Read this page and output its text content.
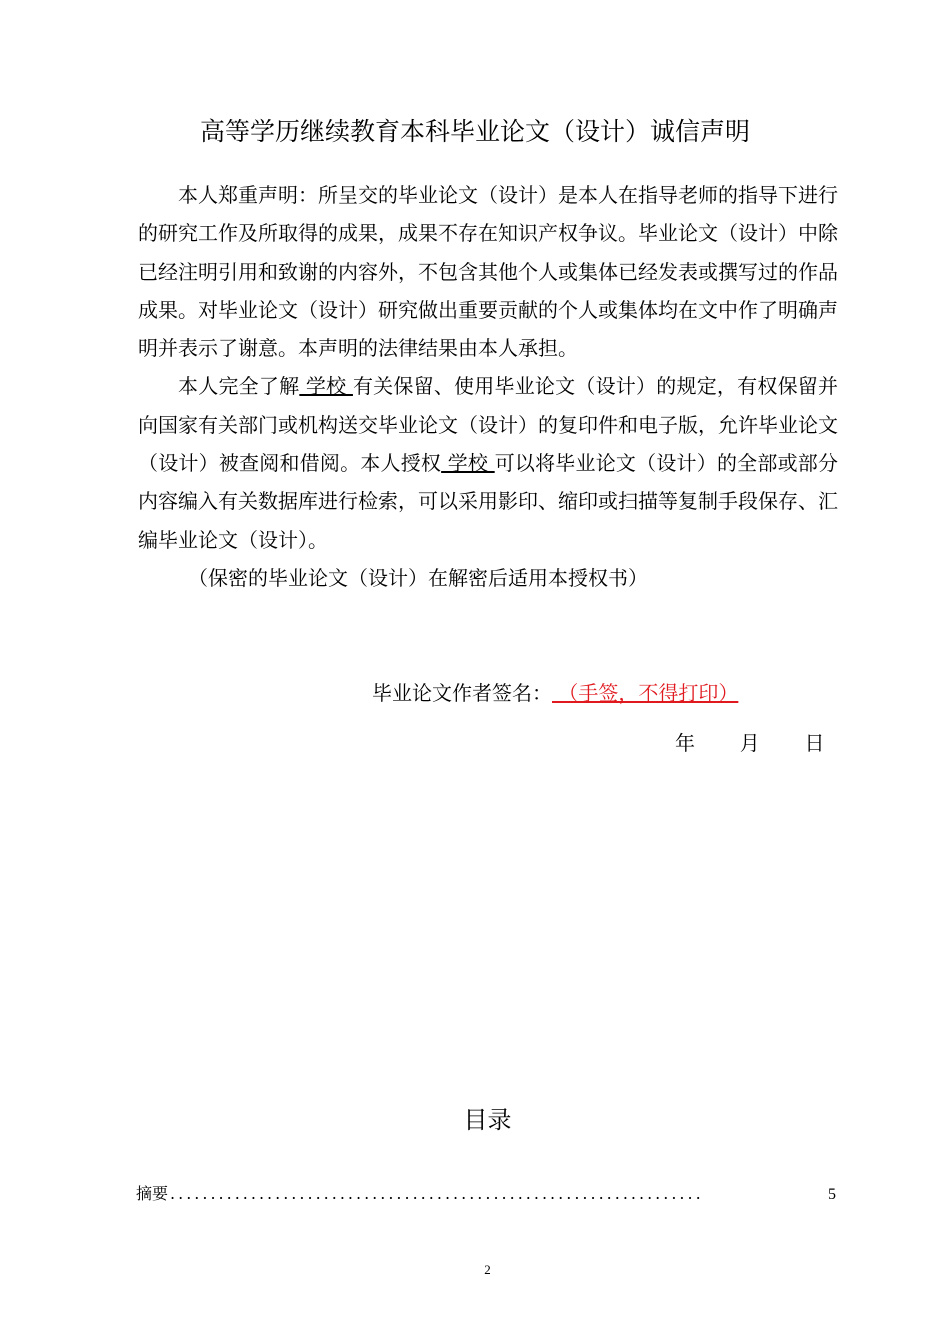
高等学历继续教育本科毕业论文（设计）诚信声明

本人郑重声明：所呈交的毕业论文（设计）是本人在指导老师的指导下进行的研究工作及所取得的成果，成果不存在知识产权争议。毕业论文（设计）中除已经注明引用和致谢的内容外，不包含其他个人或集体已经发表或撰写过的作品成果。对毕业论文（设计）研究做出重要贡献的个人或集体均在文中作了明确声明并表示了谢意。本声明的法律结果由本人承担。

本人完全了解 学校 有关保留、使用毕业论文（设计）的规定，有权保留并向国家有关部门或机构送交毕业论文（设计）的复印件和电子版，允许毕业论文（设计）被查阅和借阅。本人授权 学校 可以将毕业论文（设计）的全部或部分内容编入有关数据库进行检索，可以采用影印、缩印或扫描等复制手段保存、汇编毕业论文（设计）。

（保密的毕业论文（设计）在解密后适用本授权书）

毕业论文作者签名： （手签，不得打印）
年 月 日
目录
摘要 ..................................................................	5
2
